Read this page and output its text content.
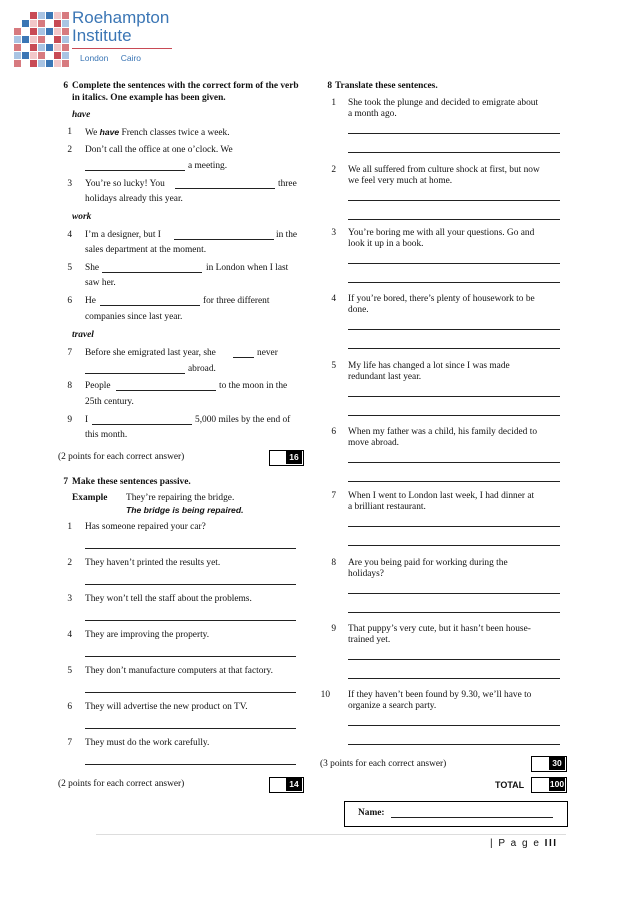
Roehampton
Institute
London Cairo
6 Complete the sentences with the correct form of the verb in italics. One example has been given.
have
1 We have French classes twice a week.
2 Don’t call the office at one o’clock. We
a meeting.
3 You’re so lucky! You	three
holidays already this year.
work
4 I’m a designer, but I	in the
sales department at the moment.
5 She	in London when I last
saw her.
6 He	for three different
companies since last year.
travel
7 Before she emigrated last year, she	never
abroad.
8 People	to the moon in the
25th century.
9 I	5,000 miles by the end of
this month.
(2 points for each correct answer)	16
7 Make these sentences passive.
Example They’re repairing the bridge.
The bridge is being repaired.
1 Has someone repaired your car?
2 They haven’t printed the results yet.
3 They won’t tell the staff about the problems.
4 They are improving the property.
5 They don’t manufacture computers at that factory.
6 They will advertise the new product on TV.
7 They must do the work carefully.
14
(2 points for each correct answer)
8 Translate these sentences.
1 She took the plunge and decided to emigrate about
a month ago.
2 We all suffered from culture shock at first, but now
we feel very much at home.
3 You’re boring me with all your questions. Go and
look it up in a book.
4 If you’re bored, there’s plenty of housework to be
done.
5 My life has changed a lot since I was made
redundant last year.
6 When my father was a child, his family decided to
move abroad.
7 When I went to London last week, I had dinner at
a brilliant restaurant.
8 Are you being paid for working during the
holidays?
9 That puppy’s very cute, but it hasn’t been house-
trained yet.
10 If they haven’t been found by 9.30, we’ll have to
organize a search party.
(3 points for each correct answer)	30
TOTAL	100
Name:
| P a g e III
